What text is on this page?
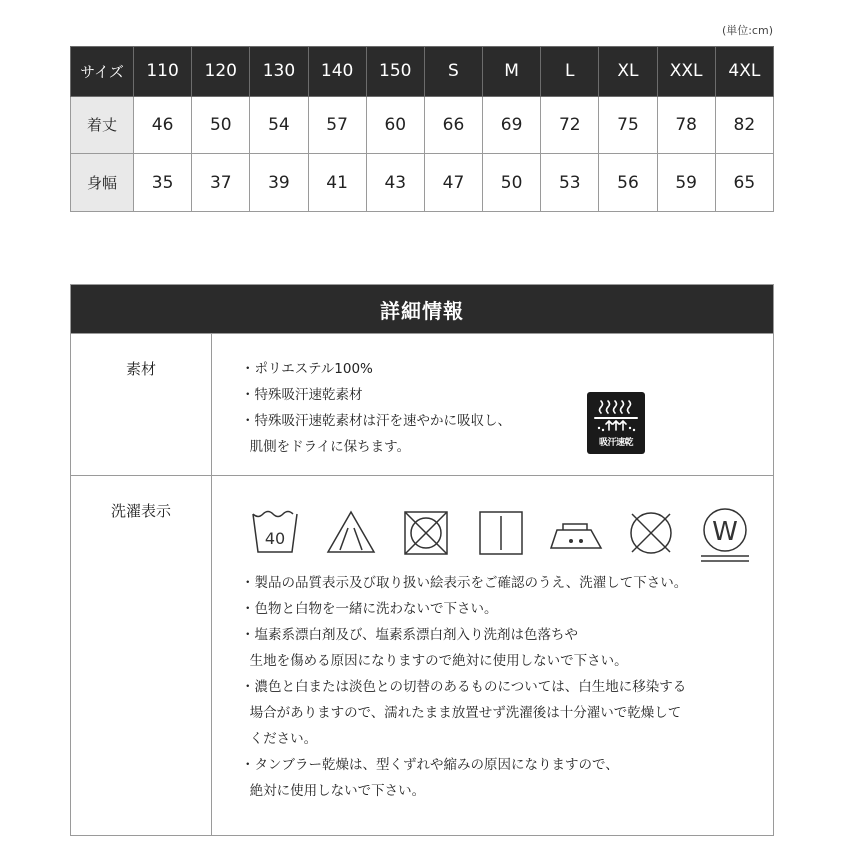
(単位:cm)
サイズ	110	120	130	140	150	S	M	L	XL	XXL	4XL
着丈	46	50	54	57	60	66	69	72	75	78	82
身幅	35	37	39	41	43	47	50	53	56	59	65
詳細情報
素材	・ポリエステル100%
・特殊吸汗速乾素材
・特殊吸汗速乾素材は汗を速やかに吸収し、
肌側をドライに保ちます。	吸汗速乾
洗濯表示
40	W
・製品の品質表示及び取り扱い絵表示をご確認のうえ、洗濯して下さい。
・色物と白物を一緒に洗わないで下さい。
・塩素系漂白剤及び、塩素系漂白剤入り洗剤は色落ちや
生地を傷める原因になりますので絶対に使用しないで下さい。
・濃色と白または淡色との切替のあるものについては、白生地に移染する
場合がありますので、濡れたまま放置せず洗濯後は十分濯いで乾燥して
ください。
・タンブラー乾燥は、型くずれや縮みの原因になりますので、
絶対に使用しないで下さい。
